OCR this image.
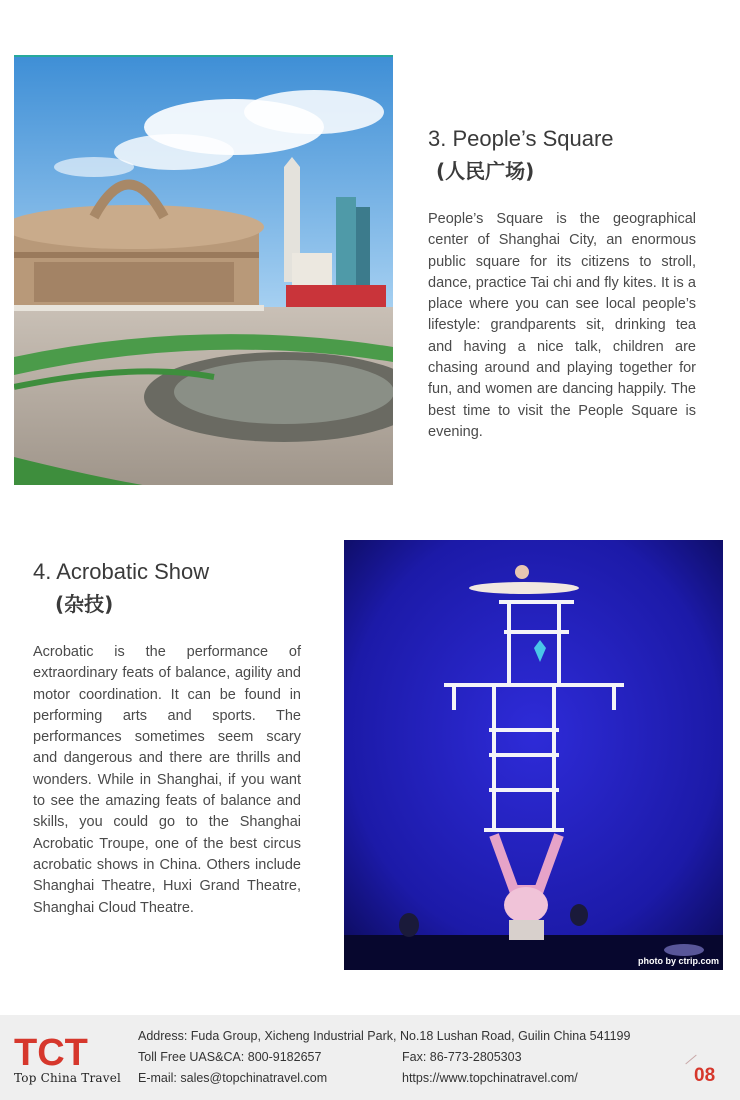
3. People’s Square
(人民广场)

People’s Square is the geographical center of Shanghai City, an enormous public square for its citizens to stroll, dance, practice Tai chi and fly kites. It is a place where you can see local people’s lifestyle: grandparents sit, drinking tea and having a nice talk, children are chasing around and playing together for fun, and women are dancing happily. The best time to visit the People Square is evening.

4. Acrobatic Show
(杂技)

Acrobatic is the performance of extraordinary feats of balance, agility and motor coordination. It can be found in performing arts and sports. The performances sometimes seem scary and dangerous and there are thrills and wonders. While in Shanghai, if you want to see the amazing feats of balance and skills, you could go to the Shanghai Acrobatic Troupe, one of the best circus acrobatic shows in China. Others include Shanghai Theatre, Huxi Grand Theatre, Shanghai Cloud Theatre.

photo by ctrip.com
TCT
Top China Travel
Address: Fuda Group, Xicheng Industrial Park, No.18 Lushan Road, Guilin China 541199
Toll Free UAS&CA: 800-9182657	Fax: 86-773-2805303
E-mail: sales@topchinatravel.com	https://www.topchinatravel.com/	08
